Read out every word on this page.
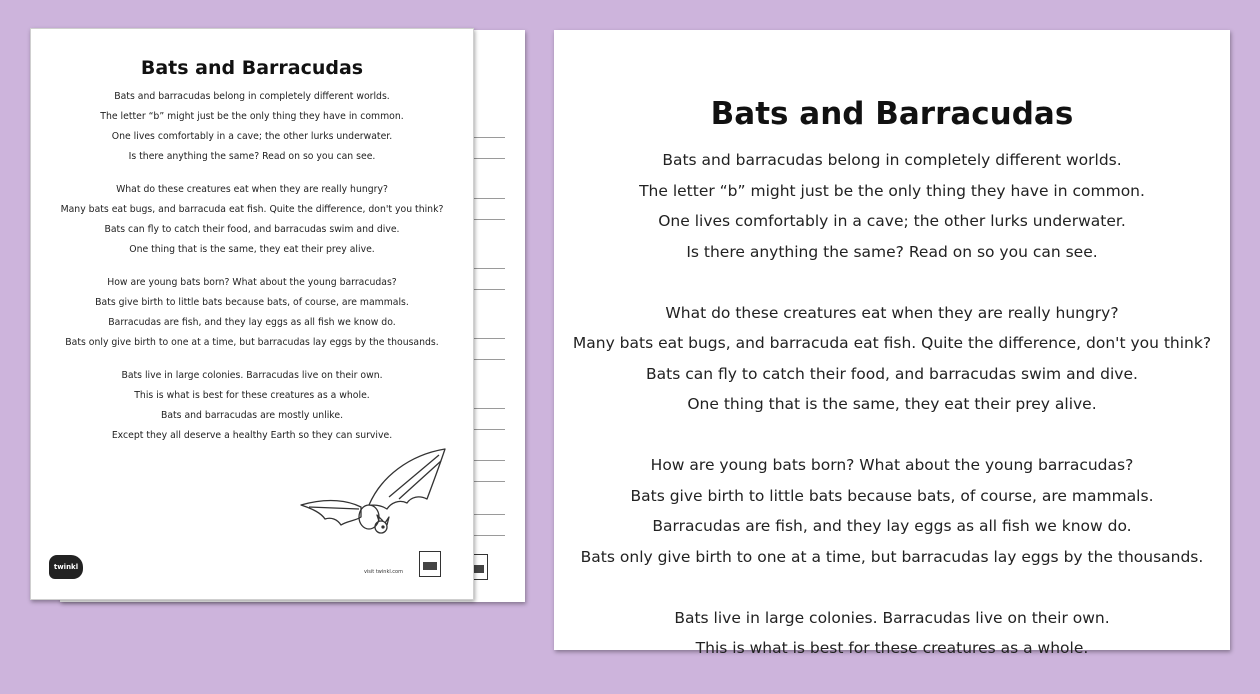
Bats and Barracudas
Bats and barracudas belong in completely different worlds.
The letter “b” might just be the only thing they have in common.
One lives comfortably in a cave; the other lurks underwater.
Is there anything the same? Read on so you can see.
What do these creatures eat when they are really hungry?
Many bats eat bugs, and barracuda eat fish. Quite the difference, don't you think?
Bats can fly to catch their food, and barracudas swim and dive.
One thing that is the same, they eat their prey alive.
How are young bats born? What about the young barracudas?
Bats give birth to little bats because bats, of course, are mammals.
Barracudas are fish, and they lay eggs as all fish we know do.
Bats only give birth to one at a time, but barracudas lay eggs by the thousands.
Bats live in large colonies. Barracudas live on their own.
This is what is best for these creatures as a whole.
Bats and barracudas are mostly unlike.
Except they all deserve a healthy Earth so they can survive.
twinkl
visit twinkl.com
Bats and Barracudas
Bats and barracudas belong in completely different worlds.
The letter “b” might just be the only thing they have in common.
One lives comfortably in a cave; the other lurks underwater.
Is there anything the same? Read on so you can see.
What do these creatures eat when they are really hungry?
Many bats eat bugs, and barracuda eat fish. Quite the difference, don't you think?
Bats can fly to catch their food, and barracudas swim and dive.
One thing that is the same, they eat their prey alive.
How are young bats born? What about the young barracudas?
Bats give birth to little bats because bats, of course, are mammals.
Barracudas are fish, and they lay eggs as all fish we know do.
Bats only give birth to one at a time, but barracudas lay eggs by the thousands.
Bats live in large colonies. Barracudas live on their own.
This is what is best for these creatures as a whole.
